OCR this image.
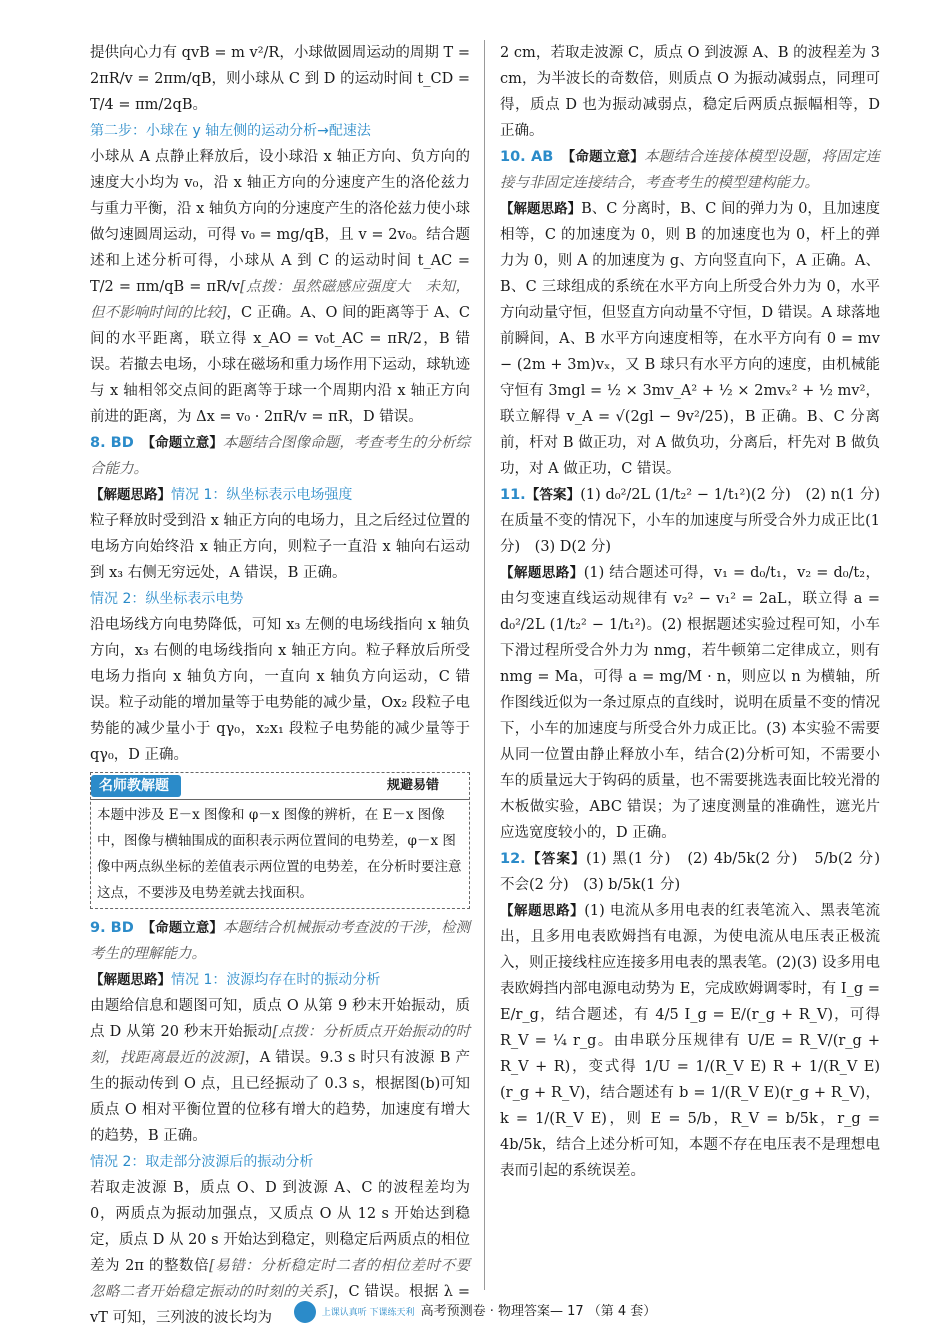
提供向心力有 qvB = m v²/R，小球做圆周运动的周期 T = 2πR/v = 2πm/qB，则小球从 C 到 D 的运动时间 t_CD = T/4 = πm/2qB。

第二步：小球在 y 轴左侧的运动分析→配速法

小球从 A 点静止释放后，设小球沿 x 轴正方向、负方向的速度大小均为 v₀，沿 x 轴正方向的分速度产生的洛伦兹力与重力平衡，沿 x 轴负方向的分速度产生的洛伦兹力使小球做匀速圆周运动，可得 v₀ = mg/qB，且 v = 2v₀。结合题述和上述分析可得，小球从 A 到 C 的运动时间 t_AC = T/2 = πm/qB = πR/v[点拨：虽然磁感应强度大　未知，但不影响时间的比较]，C 正确。A、O 间的距离等于 A、C 间的水平距离，联立得 x_AO = v₀t_AC = πR/2，B 错误。若撤去电场，小球在磁场和重力场作用下运动，球轨迹与 x 轴相邻交点间的距离等于球一个周期内沿 x 轴正方向前进的距离，为 Δx = v₀ · 2πR/v = πR，D 错误。

8. BD　 【命题立意】本题结合图像命题，考查考生的分析综合能力。

【解题思路】情况 1：纵坐标表示电场强度

粒子释放时受到沿 x 轴正方向的电场力，且之后经过位置的电场方向始终沿 x 轴正方向，则粒子一直沿 x 轴向右运动到 x₃ 右侧无穷远处，A 错误，B 正确。

情况 2：纵坐标表示电势

沿电场线方向电势降低，可知 x₃ 左侧的电场线指向 x 轴负方向，x₃ 右侧的电场线指向 x 轴正方向。粒子释放后所受电场力指向 x 轴负方向，一直向 x 轴负方向运动，C 错误。粒子动能的增加量等于电势能的减少量，Ox₂ 段粒子电势能的减少量小于 qγ₀，x₂x₁ 段粒子电势能的减少量等于 qγ₀，D 正确。

名师教解题	规避易错
本题中涉及 E－x 图像和 φ－x 图像的辨析，在 E－x 图像中，图像与横轴围成的面积表示两位置间的电势差，φ－x 图像中两点纵坐标的差值表示两位置的电势差，在分析时要注意这点，不要涉及电势差就去找面积。

9. BD　 【命题立意】本题结合机械振动考查波的干涉，检测考生的理解能力。

【解题思路】情况 1：波源均存在时的振动分析

由题给信息和题图可知，质点 O 从第 9 秒末开始振动，质点 D 从第 20 秒末开始振动[点拨：分析质点开始振动的时刻，找距离最近的波源]，A 错误。9.3 s 时只有波源 B 产生的振动传到 O 点，且已经振动了 0.3 s，根据图(b)可知质点 O 相对平衡位置的位移有增大的趋势，加速度有增大的趋势，B 正确。

情况 2：取走部分波源后的振动分析

若取走波源 B，质点 O、D 到波源 A、C 的波程差均为 0，两质点为振动加强点，又质点 O 从 12 s 开始达到稳定，质点 D 从 20 s 开始达到稳定，则稳定后两质点的相位差为 2π 的整数倍[易错：分析稳定时二者的相位差时不要忽略二者开始稳定振动的时刻的关系]，C 错误。根据 λ = vT 可知，三列波的波长均为

2 cm，若取走波源 C，质点 O 到波源 A、B 的波程差为 3 cm，为半波长的奇数倍，则质点 O 为振动减弱点，同理可得，质点 D 也为振动减弱点，稳定后两质点振幅相等，D 正确。

10. AB　 【命题立意】本题结合连接体模型设题，将固定连接与非固定连接结合，考查考生的模型建构能力。

【解题思路】B、C 分离时，B、C 间的弹力为 0，且加速度相等，C 的加速度为 0，则 B 的加速度也为 0，杆上的弹力为 0，则 A 的加速度为 g、方向竖直向下，A 正确。A、B、C 三球组成的系统在水平方向上所受合外力为 0，水平方向动量守恒，但竖直方向动量不守恒，D 错误。A 球落地前瞬间，A、B 水平方向速度相等，在水平方向有 0 = mv − (2m + 3m)vₓ，又 B 球只有水平方向的速度，由机械能守恒有 3mgl = ½ × 3mv_A² + ½ × 2mvₓ² + ½ mv²，联立解得 v_A = √(2gl − 9v²/25)，B 正确。B、C 分离前，杆对 B 做正功，对 A 做负功，分离后，杆先对 B 做负功，对 A 做正功，C 错误。

11.【答案】(1) d₀²/2L (1/t₂² − 1/t₁²)(2 分)　(2) n(1 分)　在质量不变的情况下，小车的加速度与所受合外力成正比(1 分)　(3) D(2 分)

【解题思路】(1) 结合题述可得，v₁ = d₀/t₁，v₂ = d₀/t₂，由匀变速直线运动规律有 v₂² − v₁² = 2aL，联立得 a = d₀²/2L (1/t₂² − 1/t₁²)。(2) 根据题述实验过程可知，小车下滑过程所受合外力为 nmg，若牛顿第二定律成立，则有 nmg = Ma，可得 a = mg/M · n，则应以 n 为横轴，所作图线近似为一条过原点的直线时，说明在质量不变的情况下，小车的加速度与所受合外力成正比。(3) 本实验不需要从同一位置由静止释放小车，结合(2)分析可知，不需要小车的质量远大于钩码的质量，也不需要挑选表面比较光滑的木板做实验，ABC 错误；为了速度测量的准确性，遮光片应选宽度较小的，D 正确。

12.【答案】(1) 黑(1 分)　(2) 4b/5k(2 分)　5/b(2 分)　不会(2 分)　(3) b/5k(1 分)

【解题思路】(1) 电流从多用电表的红表笔流入、黑表笔流出，且多用电表欧姆挡有电源，为使电流从电压表正极流入，则正接线柱应连接多用电表的黑表笔。(2)(3) 设多用电表欧姆挡内部电源电动势为 E，完成欧姆调零时，有 I_g = E/r_g，结合题述，有 4/5 I_g = E/(r_g + R_V)，可得 R_V = ¼ r_g。由串联分压规律有 U/E = R_V/(r_g + R_V + R)，变式得 1/U = 1/(R_V E) R + 1/(R_V E)(r_g + R_V)，结合题述有 b = 1/(R_V E)(r_g + R_V)，k = 1/(R_V E)，则 E = 5/b，R_V = b/5k，r_g = 4b/5k，结合上述分析可知，本题不存在电压表不是理想电表而引起的系统误差。

上课认真听 下课练天利 高考预测卷 · 物理答案— 17 （第 4 套）
